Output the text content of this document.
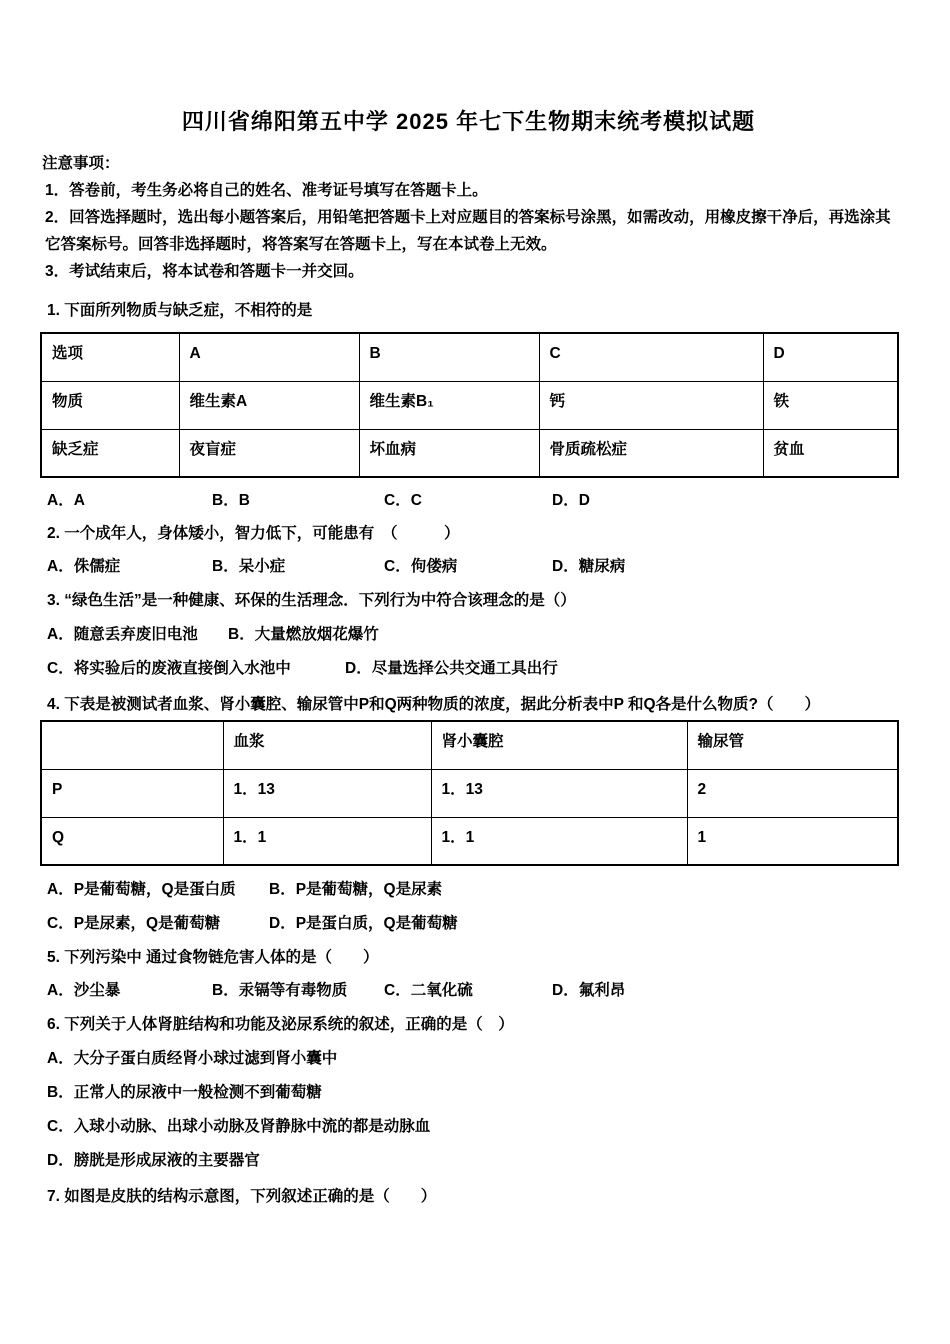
四川省绵阳第五中学 2025 年七下生物期末统考模拟试题

注意事项：

1．答卷前，考生务必将自己的姓名、准考证号填写在答题卡上。

2．回答选择题时，选出每小题答案后，用铅笔把答题卡上对应题目的答案标号涂黑，如需改动，用橡皮擦干净后，再选涂其它答案标号。回答非选择题时，将答案写在答题卡上，写在本试卷上无效。

3．考试结束后，将本试卷和答题卡一并交回。

1. 下面所列物质与缺乏症，不相符的是

选项	A	B	C	D
物质	维生素A	维生素B₁	钙	铁
缺乏症	夜盲症	坏血病	骨质疏松症	贫血
A．A	B．B	C．C	D．D

2. 一个成年人，身体矮小，智力低下，可能患有　（　　　）

A．侏儒症	B．呆小症	C．佝偻病	D．糖尿病

3. “绿色生活”是一种健康、环保的生活理念．下列行为中符合该理念的是（）

A．随意丢弃废旧电池	B．大量燃放烟花爆竹
C．将实验后的废液直接倒入水池中	D．尽量选择公共交通工具出行

4. 下表是被测试者血浆、肾小囊腔、输尿管中P和Q两种物质的浓度，据此分析表中P 和Q各是什么物质?（　　）

	血浆	肾小囊腔	输尿管
P	1．13	1．13	2
Q	1．1	1．1	1
A．P是葡萄糖，Q是蛋白质	B．P是葡萄糖，Q是尿素
C．P是尿素，Q是葡萄糖	D．P是蛋白质，Q是葡萄糖

5. 下列污染中 通过食物链危害人体的是（　　）

A．沙尘暴	B．汞镉等有毒物质	C．二氧化硫	D．氟利昂

6. 下列关于人体肾脏结构和功能及泌尿系统的叙述，正确的是（　）

A．大分子蛋白质经肾小球过滤到肾小囊中

B．正常人的尿液中一般检测不到葡萄糖

C．入球小动脉、出球小动脉及肾静脉中流的都是动脉血

D．膀胱是形成尿液的主要器官

7. 如图是皮肤的结构示意图，下列叙述正确的是（　　）
